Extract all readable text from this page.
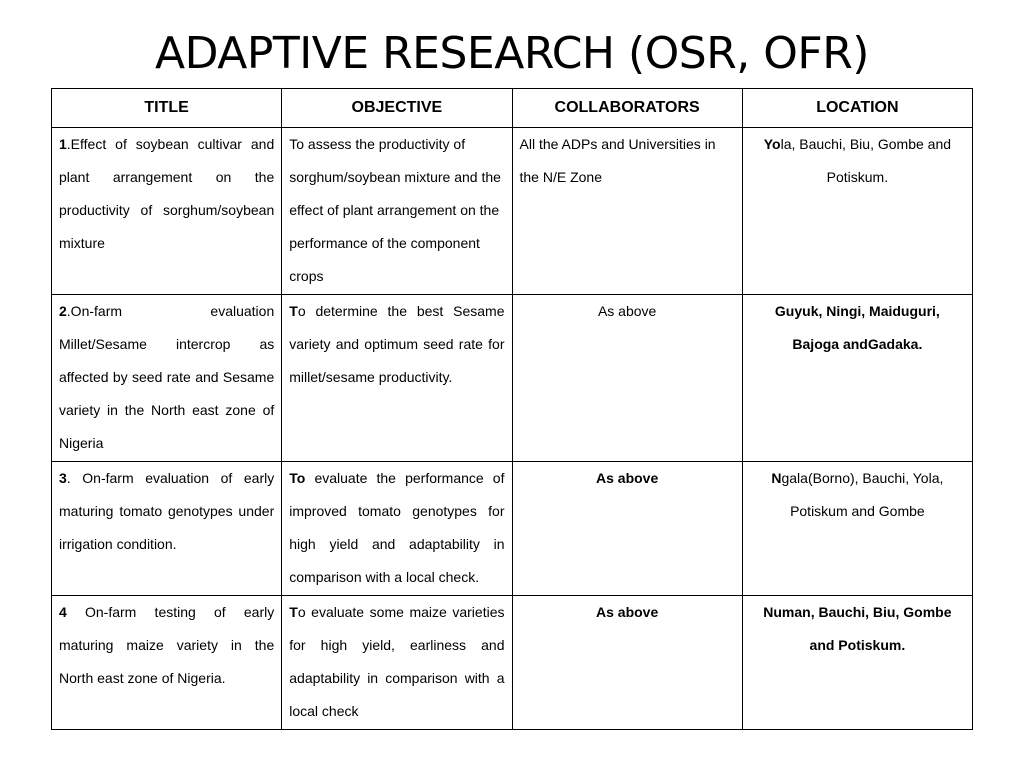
ADAPTIVE RESEARCH (OSR, OFR)
TITLE	OBJECTIVE	COLLABORATORS	LOCATION
1.Effect of soybean cultivar and plant arrangement on the productivity of sorghum/soybean mixture	To assess the productivity of sorghum/soybean mixture and the effect of plant arrangement on the performance of the component crops	All the ADPs and Universities in the N/E Zone	Yola, Bauchi, Biu, Gombe and Potiskum.
2.On-farm evaluation Millet/Sesame intercrop as affected by seed rate and Sesame variety in the North east zone of Nigeria	To determine the best Sesame variety and optimum seed rate for millet/sesame productivity.	As above	Guyuk, Ningi, Maiduguri, Bajoga andGadaka.
3. On-farm evaluation of early maturing tomato genotypes under irrigation condition.	To evaluate the performance of improved tomato genotypes for high yield and adaptability in comparison with a local check.	As above	Ngala(Borno), Bauchi, Yola, Potiskum and Gombe
4 On-farm testing of early maturing maize variety in the North east zone of Nigeria.	To evaluate some maize varieties for high yield, earliness and adaptability in comparison with a local check	As above	Numan, Bauchi, Biu, Gombe and Potiskum.
